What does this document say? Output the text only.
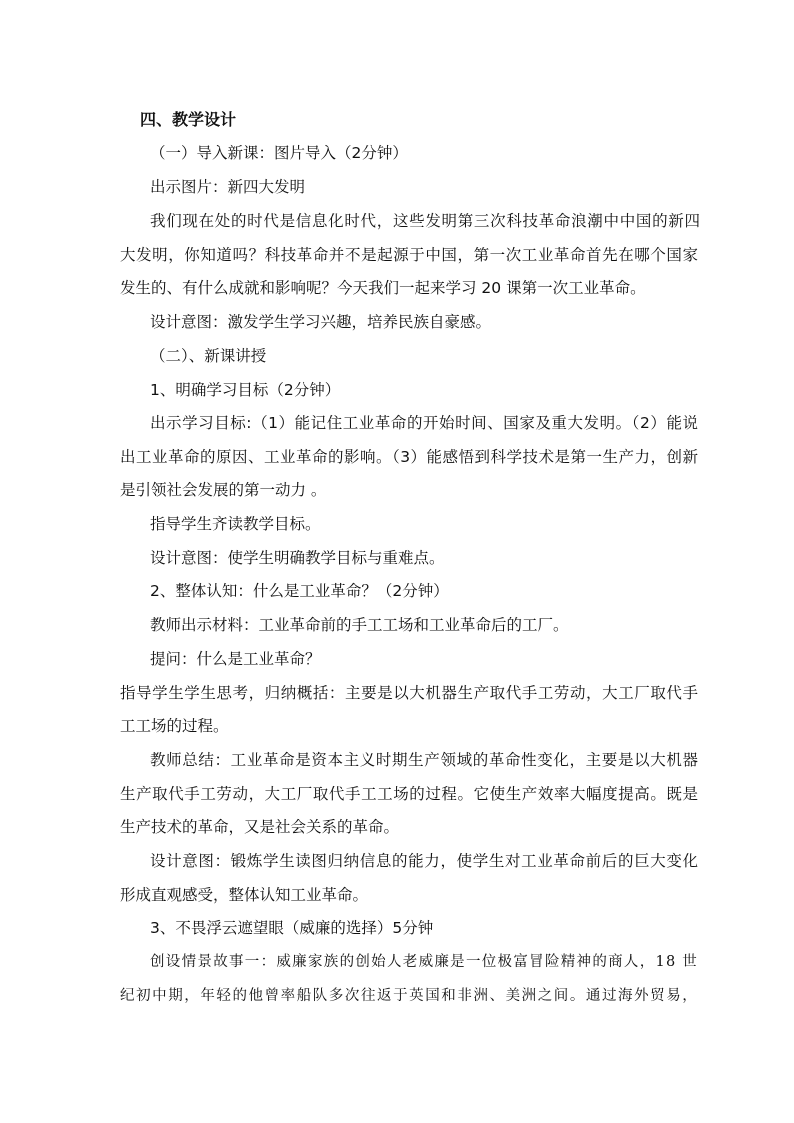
四、教学设计
（一）导入新课：图片导入（2分钟）
出示图片：新四大发明
我们现在处的时代是信息化时代，这些发明第三次科技革命浪潮中中国的新四
大发明，你知道吗？科技革命并不是起源于中国，第一次工业革命首先在哪个国家
发生的、有什么成就和影响呢？今天我们一起来学习 20 课第一次工业革命。
设计意图：激发学生学习兴趣，培养民族自豪感。
（二）、新课讲授
1、明确学习目标（2分钟）
出示学习目标:（1）能记住工业革命的开始时间、国家及重大发明。（2）能说
出工业革命的原因、工业革命的影响。（3）能感悟到科学技术是第一生产力，创新
是引领社会发展的第一动力 。
指导学生齐读教学目标。
设计意图：使学生明确教学目标与重难点。
2、整体认知：什么是工业革命？（2分钟）
教师出示材料：工业革命前的手工工场和工业革命后的工厂。
提问：什么是工业革命？
指导学生学生思考，归纳概括：主要是以大机器生产取代手工劳动，大工厂取代手
工工场的过程。
教师总结：工业革命是资本主义时期生产领域的革命性变化，主要是以大机器
生产取代手工劳动，大工厂取代手工工场的过程。它使生产效率大幅度提高。既是
生产技术的革命，又是社会关系的革命。
设计意图：锻炼学生读图归纳信息的能力，使学生对工业革命前后的巨大变化
形成直观感受，整体认知工业革命。
3、不畏浮云遮望眼（威廉的选择）5分钟
创设情景故事一：威廉家族的创始人老威廉是一位极富冒险精神的商人，18 世
纪初中期，年轻的他曾率船队多次往返于英国和非洲、美洲之间。通过海外贸易，
